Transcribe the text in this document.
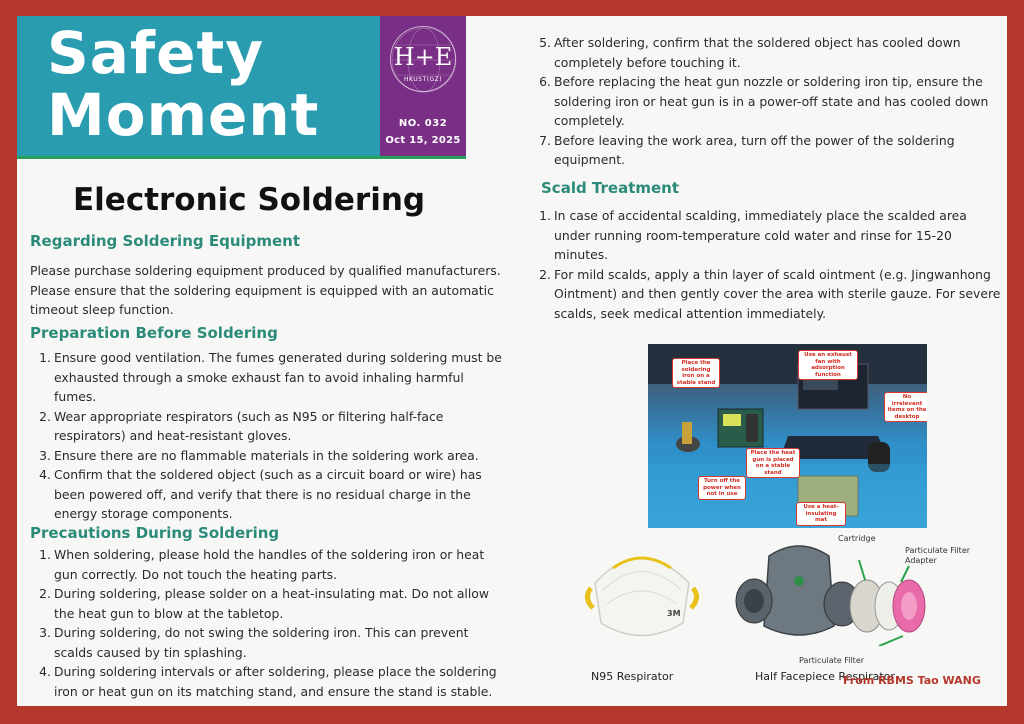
Safety
Moment
H+E
HKUST(GZ)
NO. 032
Oct 15, 2025
Electronic Soldering
Regarding Soldering Equipment
Please purchase soldering equipment produced by qualified manufacturers. Please ensure that the soldering equipment is equipped with an automatic timeout sleep function.
Preparation Before Soldering
1. Ensure good ventilation. The fumes generated during soldering must be exhausted through a smoke exhaust fan to avoid inhaling harmful fumes.
2. Wear appropriate respirators (such as N95 or filtering half-face respirators) and heat-resistant gloves.
3. Ensure there are no flammable materials in the soldering work area.
4. Confirm that the soldered object (such as a circuit board or wire) has been powered off, and verify that there is no residual charge in the energy storage components.
Precautions During Soldering
1. When soldering, please hold the handles of the soldering iron or heat gun correctly. Do not touch the heating parts.
2. During soldering, please solder on a heat-insulating mat. Do not allow the heat gun to blow at the tabletop.
3. During soldering, do not swing the soldering iron. This can prevent scalds caused by tin splashing.
4. During soldering intervals or after soldering, please place the soldering iron or heat gun on its matching stand, and ensure the stand is stable.
5. After soldering, confirm that the soldered object has cooled down completely before touching it.
6. Before replacing the heat gun nozzle or soldering iron tip, ensure the soldering iron or heat gun is in a power-off state and has cooled down completely.
7. Before leaving the work area, turn off the power of the soldering equipment.
Scald Treatment
1. In case of accidental scalding, immediately place the scalded area under running room-temperature cold water and rinse for 15-20 minutes.
2. For mild scalds, apply a thin layer of scald ointment (e.g. Jingwanhong Ointment) and then gently cover the area with sterile gauze. For severe scalds, seek medical attention immediately.
Place the soldering iron on a stable stand
Use an exhaust fan with adsorption function
No irrelevant items on the desktop
Place the heat gun is placed on a stable stand
Turn off the power when not in use
Use a heat-insulating mat
3M
Cartridge
Particulate Filter Adapter
Particulate Filter
N95 Respirator	Half Facepiece Respirator
From RBMS Tao WANG
